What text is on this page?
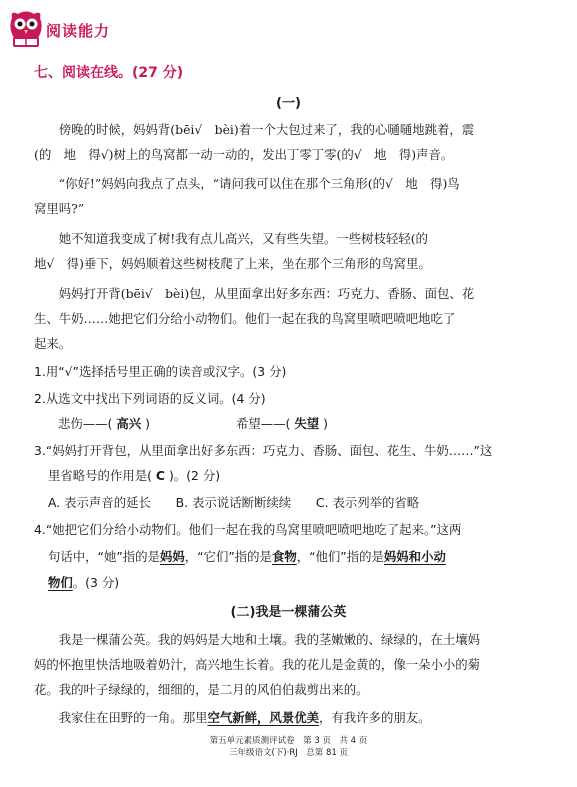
阅读能力
七、阅读在线。(27 分)
(一)
傍晚的时候，妈妈背(bēi√　bèi)着一个大包过来了，我的心嗵嗵地跳着，震
(的　地　得√)树上的鸟窝都一动一动的，发出丁零丁零(的√　地　得)声音。
“你好!”妈妈向我点了点头，“请问我可以住在那个三角形(的√　地　得)鸟
窝里吗?”
她不知道我变成了树!我有点儿高兴，又有些失望。一些树枝轻轻(的
地√　得)垂下，妈妈顺着这些树枝爬了上来，坐在那个三角形的鸟窝里。
妈妈打开背(bēi√　bèi)包，从里面拿出好多东西：巧克力、香肠、面包、花
生、牛奶……她把它们分给小动物们。他们一起在我的鸟窝里喷吧喷吧地吃了
起来。
1.用“√”选择括号里正确的读音或汉字。(3 分)
2.从选文中找出下列词语的反义词。(4 分)
悲伤——( 高兴 )	希望——( 失望 )
3.“妈妈打开背包，从里面拿出好多东西：巧克力、香肠、面包、花生、牛奶……”这
里省略号的作用是( C )。(2 分)
A. 表示声音的延长　　B. 表示说话断断续续　　C. 表示列举的省略
4.“她把它们分给小动物们。他们一起在我的鸟窝里喷吧喷吧地吃了起来。”这两
句话中，“她”指的是妈妈，“它们”指的是食物，“他们”指的是妈妈和小动
物们。(3 分)
(二)我是一棵蒲公英
我是一棵蒲公英。我的妈妈是大地和土壤。我的茎嫩嫩的、绿绿的，在土壤妈
妈的怀抱里快活地吸着奶汁，高兴地生长着。我的花儿是金黄的，像一朵小小的菊
花。我的叶子绿绿的，细细的，是二月的风伯伯裁剪出来的。
我家住在田野的一角。那里空气新鲜，风景优美，有我许多的朋友。
第五单元素质测评试卷　第 3 页　共 4 页
三年级语文(下)·RJ　总第 81 页
